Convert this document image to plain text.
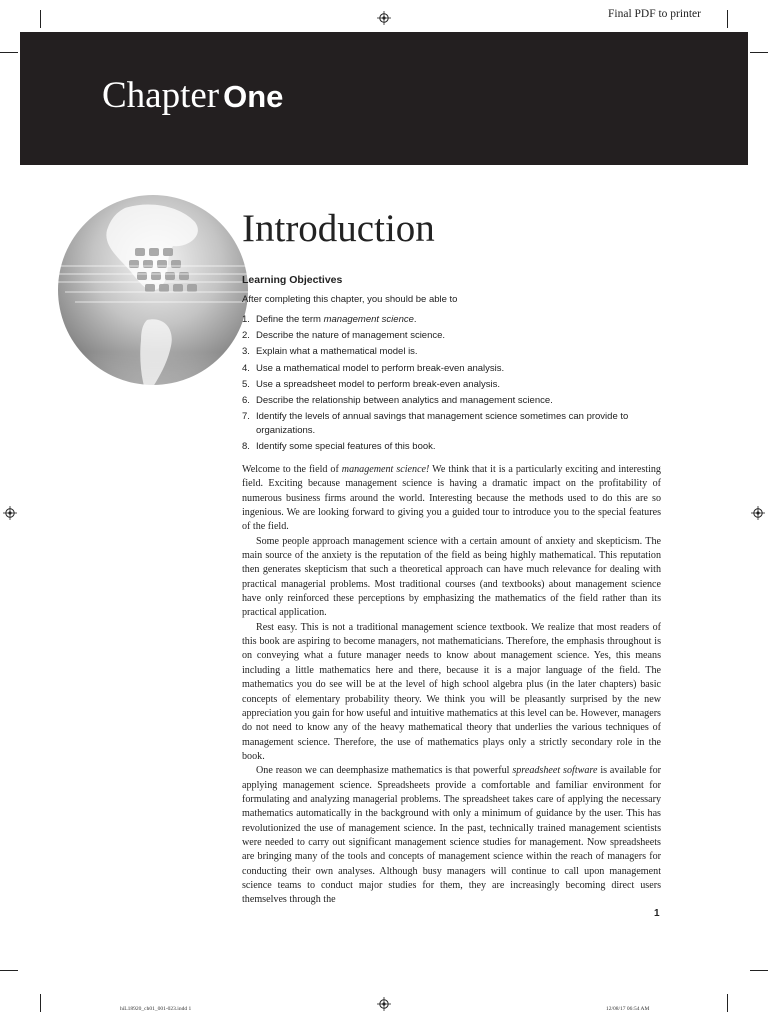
Final PDF to printer
Chapter One
Introduction
Learning Objectives
After completing this chapter, you should be able to
1. Define the term management science.
2. Describe the nature of management science.
3. Explain what a mathematical model is.
4. Use a mathematical model to perform break-even analysis.
5. Use a spreadsheet model to perform break-even analysis.
6. Describe the relationship between analytics and management science.
7. Identify the levels of annual savings that management science sometimes can provide to organizations.
8. Identify some special features of this book.

Welcome to the field of management science! We think that it is a particularly exciting and interesting field. Exciting because management science is having a dramatic impact on the profitability of numerous business firms around the world. Interesting because the methods used to do this are so ingenious. We are looking forward to giving you a guided tour to introduce you to the special features of the field.

Some people approach management science with a certain amount of anxiety and skepticism. The main source of the anxiety is the reputation of the field as being highly mathematical. This reputation then generates skepticism that such a theoretical approach can have much relevance for dealing with practical managerial problems. Most traditional courses (and textbooks) about management science have only reinforced these perceptions by emphasizing the mathematics of the field rather than its practical application.

Rest easy. This is not a traditional management science textbook. We realize that most readers of this book are aspiring to become managers, not mathematicians. Therefore, the emphasis throughout is on conveying what a future manager needs to know about management science. Yes, this means including a little mathematics here and there, because it is a major language of the field. The mathematics you do see will be at the level of high school algebra plus (in the later chapters) basic concepts of elementary probability theory. We think you will be pleasantly surprised by the new appreciation you gain for how useful and intuitive mathematics at this level can be. However, managers do not need to know any of the heavy mathematical theory that underlies the various techniques of management science. Therefore, the use of mathematics plays only a strictly secondary role in the book.

One reason we can deemphasize mathematics is that powerful spreadsheet software is available for applying management science. Spreadsheets provide a comfortable and familiar environment for formulating and analyzing managerial problems. The spreadsheet takes care of applying the necessary mathematics automatically in the background with only a minimum of guidance by the user. This has revolutionized the use of management science. In the past, technically trained management scientists were needed to carry out significant management science studies for management. Now spreadsheets are bringing many of the tools and concepts of management science within the reach of managers for conducting their own analyses. Although busy managers will continue to call upon management science teams to conduct major studies for them, they are increasingly becoming direct users themselves through the

1
hiL18920_ch01_001-023.indd 1	12/08/17 06:54 AM
